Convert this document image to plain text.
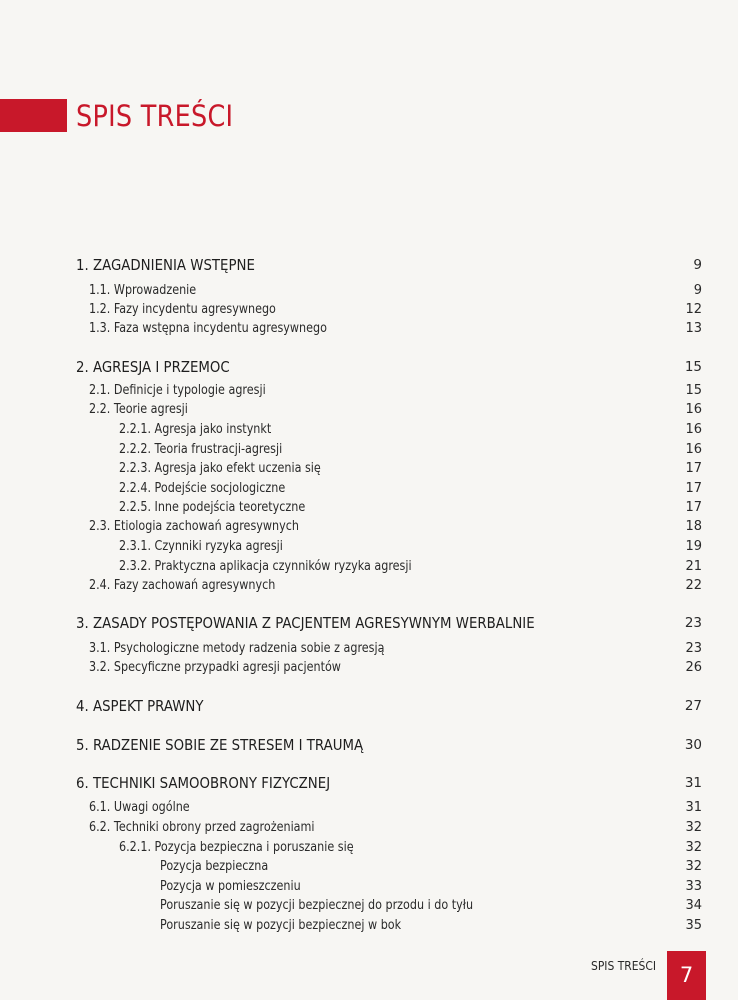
SPIS TREŚCI
1. ZAGADNIENIA WSTĘPNE	9
1.1. Wprowadzenie	9
1.2. Fazy incydentu agresywnego	12
1.3. Faza wstępna incydentu agresywnego	13
2. AGRESJA I PRZEMOC	15
2.1. Definicje i typologie agresji	15
2.2. Teorie agresji	16
2.2.1. Agresja jako instynkt	16
2.2.2. Teoria frustracji-agresji	16
2.2.3. Agresja jako efekt uczenia się	17
2.2.4. Podejście socjologiczne	17
2.2.5. Inne podejścia teoretyczne	17
2.3. Etiologia zachowań agresywnych	18
2.3.1. Czynniki ryzyka agresji	19
2.3.2. Praktyczna aplikacja czynników ryzyka agresji	21
2.4. Fazy zachowań agresywnych	22
3. ZASADY POSTĘPOWANIA Z PACJENTEM AGRESYWNYM WERBALNIE	23
3.1. Psychologiczne metody radzenia sobie z agresją	23
3.2. Specyficzne przypadki agresji pacjentów	26
4. ASPEKT PRAWNY	27
5. RADZENIE SOBIE ZE STRESEM I TRAUMĄ	30
6. TECHNIKI SAMOOBRONY FIZYCZNEJ	31
6.1. Uwagi ogólne	31
6.2. Techniki obrony przed zagrożeniami	32
6.2.1. Pozycja bezpieczna i poruszanie się	32
Pozycja bezpieczna	32
Pozycja w pomieszczeniu	33
Poruszanie się w pozycji bezpiecznej do przodu i do tyłu	34
Poruszanie się w pozycji bezpiecznej w bok	35
SPIS TREŚCI	7
